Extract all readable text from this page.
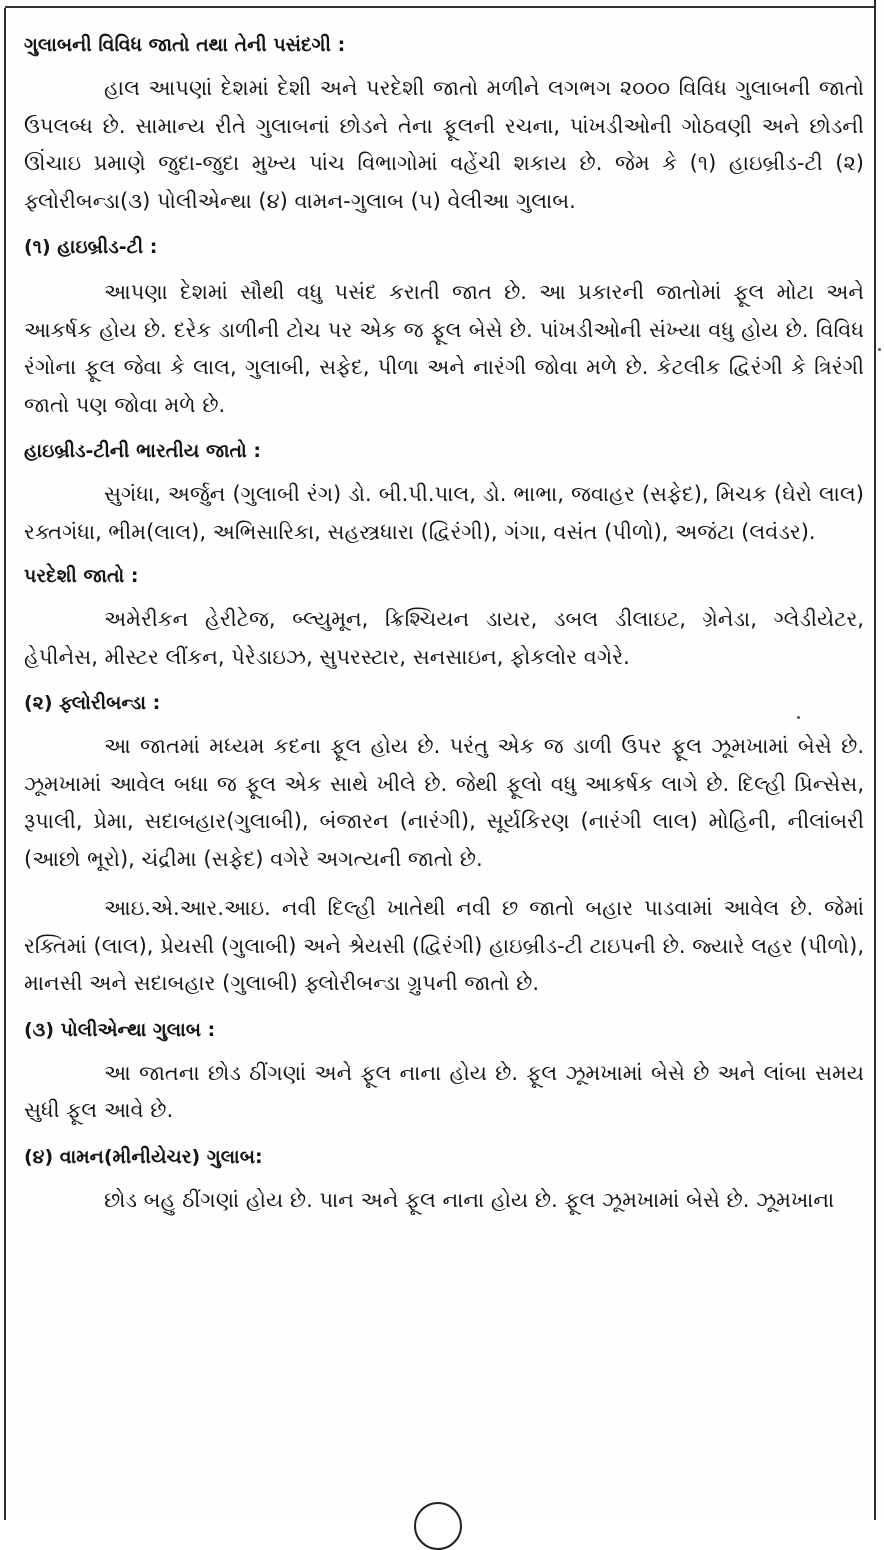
ગુલાબની વિવિધ જાતો તથા તેની પસંદગી :

હાલ આપણાં દેશમાં દેશી અને પરદેશી જાતો મળીને લગભગ ૨૦૦૦ વિવિધ ગુલાબની જાતો ઉપલબ્ધ છે. સામાન્ય રીતે ગુલાબનાં છોડને તેના ફૂલની રચના, પાંખડીઓની ગોઠવણી અને છોડની ઊંચાઇ પ્રમાણે જુદા-જુદા મુખ્ય પાંચ વિભાગોમાં વહેંચી શકાય છે. જેમ કે (૧) હાઇબ્રીડ-ટી (૨) ફ્લોરીબન્ડા(૩) પોલીએન્થા (૪) વામન-ગુલાબ (૫) વેલીઆ ગુલાબ.

(૧) હાઇબ્રીડ-ટી :

આપણા દેશમાં સૌથી વધુ પસંદ કરાતી જાત છે. આ પ્રકારની જાતોમાં ફૂલ મોટા અને આકર્ષક હોય છે. દરેક ડાળીની ટોચ પર એક જ ફૂલ બેસે છે. પાંખડીઓની સંખ્યા વધુ હોય છે. વિવિધ રંગોના ફૂલ જેવા કે લાલ, ગુલાબી, સફેદ, પીળા અને નારંગી જોવા મળે છે. કેટલીક દ્વિરંગી કે ત્રિરંગી જાતો પણ જોવા મળે છે.

હાઇબ્રીડ-ટીની ભારતીય જાતો :

સુગંધા, અર્જુન (ગુલાબી રંગ) ડો. બી.પી.પાલ, ડો. ભાભા, જવાહર (સફેદ), મિચક (ઘેરો લાલ) રક્તગંધા, ભીમ(લાલ), અભિસારિકા, સહસ્ત્રધારા (દ્વિરંગી), ગંગા, વસંત (પીળો), અજંટા (લવંડર).

પરદેશી જાતો :

અમેરીકન હેરીટેજ, બ્લ્યુમૂન, ક્રિશ્ચિયન ડાયર, ડબલ ડીલાઇટ, ગ્રેનેડા, ગ્લેડીયેટર, હેપીનેસ, મીસ્ટર લીંકન, પેરેડાઇઝ, સુપરસ્ટાર, સનસાઇન, ફોકલોર વગેરે.

(૨) ફ્લોરીબન્ડા :

આ જાતમાં મધ્યમ કદના ફૂલ હોય છે. પરંતુ એક જ ડાળી ઉપર ફૂલ ઝૂમખામાં બેસે છે. ઝૂમખામાં આવેલ બધા જ ફૂલ એક સાથે ખીલે છે. જેથી ફૂલો વધુ આકર્ષક લાગે છે. દિલ્હી પ્રિન્સેસ, રૂપાલી, પ્રેમા, સદાબહાર(ગુલાબી), બંજારન (નારંગી), સૂર્યકિરણ (નારંગી લાલ) મોહિની, નીલાંબરી (આછો ભૂરો), ચંદ્રીમા (સફેદ) વગેરે અગત્યની જાતો છે.

આઇ.એ.આર.આઇ. નવી દિલ્હી ખાતેથી નવી છ જાતો બહાર પાડવામાં આવેલ છે. જેમાં રક્તિમાં (લાલ), પ્રેયસી (ગુલાબી) અને શ્રેયસી (દ્વિરંગી) હાઇબ્રીડ-ટી ટાઇપની છે. જ્યારે લહર (પીળો), માનસી અને સદાબહાર (ગુલાબી) ફ્લોરીબન્ડા ગ્રુપની જાતો છે.

(૩) પોલીએન્થા ગુલાબ :

આ જાતના છોડ ઠીંગણાં અને ફૂલ નાના હોય છે. ફૂલ ઝૂમખામાં બેસે છે અને લાંબા સમય સુધી ફૂલ આવે છે.

(૪) વામન(મીનીયેચર) ગુલાબ:

છોડ બહુ ઠીંગણાં હોય છે. પાન અને ફૂલ નાના હોય છે. ફૂલ ઝૂમખામાં બેસે છે. ઝૂમખાના
